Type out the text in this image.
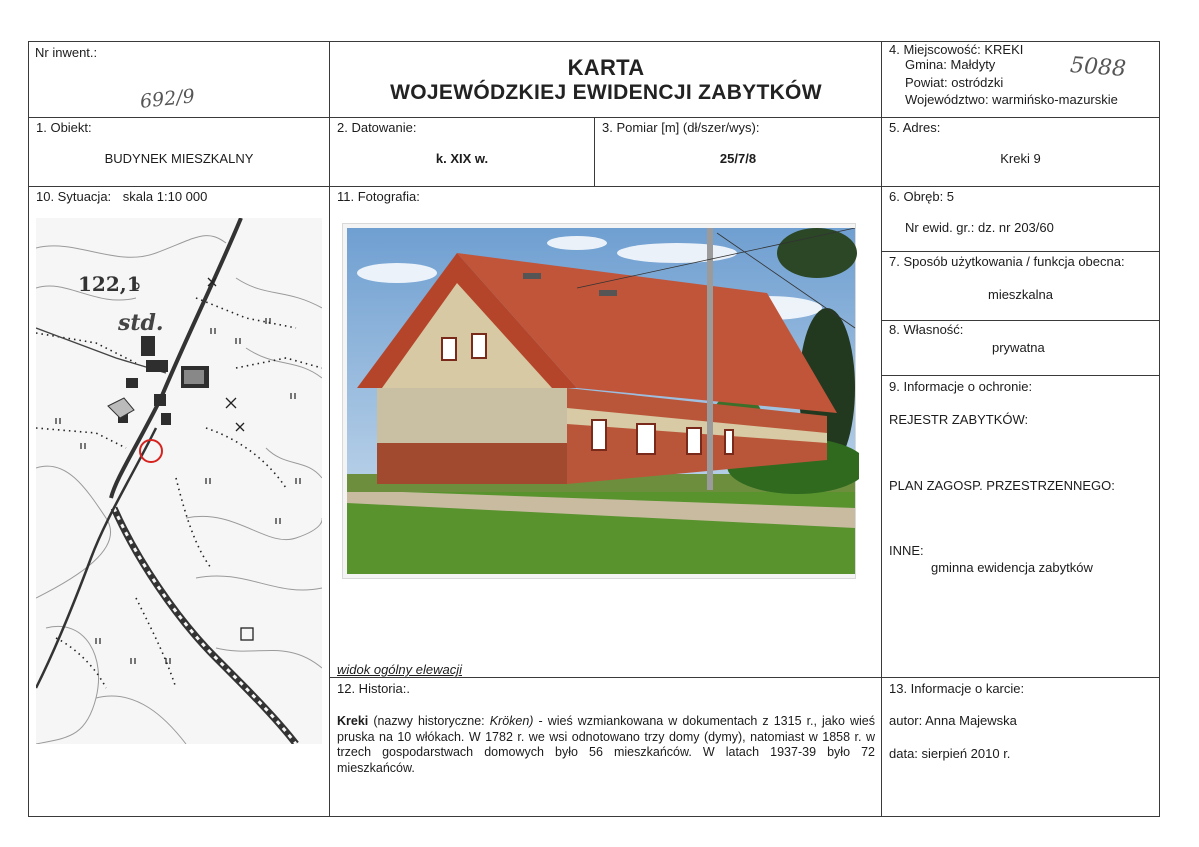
Nr inwent.:
692/9
KARTA
WOJEWÓDZKIEJ EWIDENCJI ZABYTKÓW
4. Miejscowość: KREKI
Gmina: Małdyty
Powiat: ostródzki
Województwo: warmińsko-mazurskie
5088
1. Obiekt:
BUDYNEK MIESZKALNY
2. Datowanie:
k. XIX w.
3. Pomiar [m] (dł/szer/wys):
25/7/8
5. Adres:
Kreki 9
10. Sytuacja: skala 1:10 000
122,1
std.
11. Fotografia:
widok ogólny elewacji
6. Obręb: 5
Nr ewid. gr.: dz. nr 203/60
7. Sposób użytkowania / funkcja obecna:
mieszkalna
8. Własność:
prywatna
9. Informacje o ochronie:
REJESTR ZABYTKÓW:
PLAN ZAGOSP. PRZESTRZENNEGO:
INNE:
gminna ewidencja zabytków
12. Historia:.

Kreki (nazwy historyczne: Kröken) - wieś wzmiankowana w dokumentach z 1315 r., jako wieś pruska na 10 włókach. W 1782 r. we wsi odnotowano trzy domy (dymy), natomiast w 1858 r. w trzech gospodarstwach domowych było 56 mieszkańców. W latach 1937-39 było 72 mieszkańców.

13. Informacje o karcie:
autor: Anna Majewska
data: sierpień 2010 r.
